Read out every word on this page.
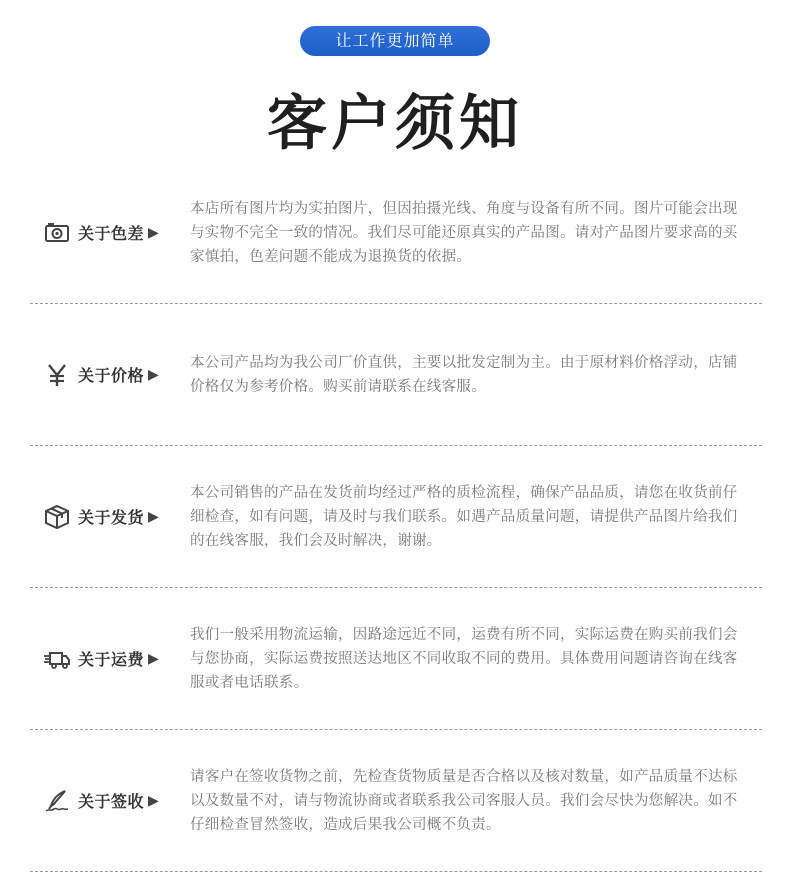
让工作更加简单
客户须知
关于色差 ▶
本店所有图片均为实拍图片，但因拍摄光线、角度与设备有所不同。图片可能会出现与实物不完全一致的情况。我们尽可能还原真实的产品图。请对产品图片要求高的买家慎拍，色差问题不能成为退换货的依据。
关于价格 ▶
本公司产品均为我公司厂价直供，主要以批发定制为主。由于原材料价格浮动，店铺价格仅为参考价格。购买前请联系在线客服。
关于发货 ▶
本公司销售的产品在发货前均经过严格的质检流程，确保产品品质，请您在收货前仔细检查，如有问题，请及时与我们联系。如遇产品质量问题，请提供产品图片给我们的在线客服，我们会及时解决，谢谢。
关于运费 ▶
我们一般采用物流运输，因路途远近不同，运费有所不同，实际运费在购买前我们会与您协商，实际运费按照送达地区不同收取不同的费用。具体费用问题请咨询在线客服或者电话联系。
关于签收 ▶
请客户在签收货物之前，先检查货物质量是否合格以及核对数量，如产品质量不达标以及数量不对，请与物流协商或者联系我公司客服人员。我们会尽快为您解决。如不仔细检查冒然签收，造成后果我公司概不负责。
